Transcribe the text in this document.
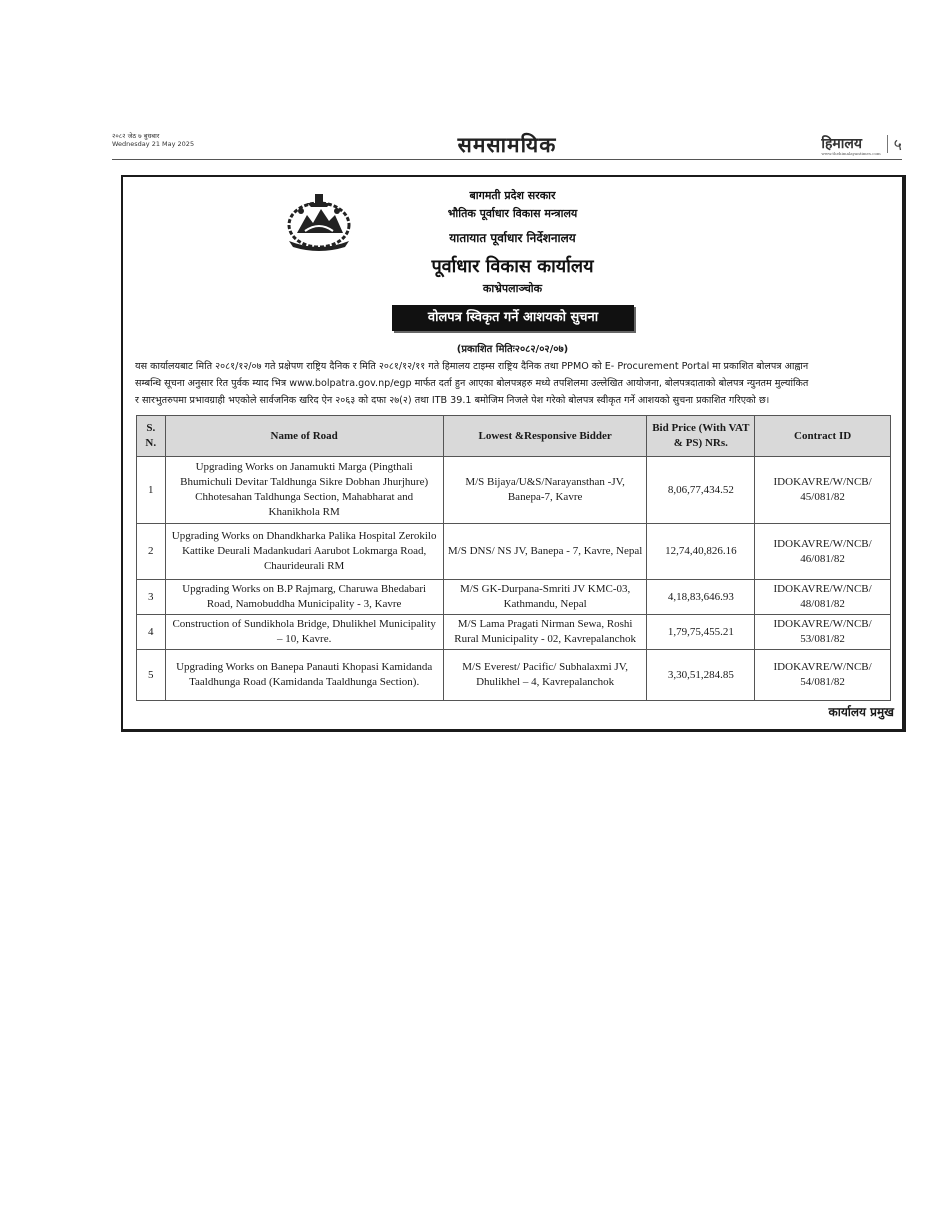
२०८२ जेठ ७ बुधबार
Wednesday 21 May 2025	समसामयिक	हिमालय
www.thehimalayantimes.com ५
बागमती प्रदेश सरकार
भौतिक पूर्वाधार विकास मन्त्रालय
यातायात पूर्वाधार निर्देशनालय
पूर्वाधार विकास कार्यालय
काभ्रेपलाञ्चोक
वोलपत्र स्विकृत गर्ने आशयको सुचना
(प्रकाशित मितिः२०८२/०२/०७)
यस कार्यालयबाट मिति २०८१/१२/०७ गते प्रक्षेपण राष्ट्रिय दैनिक र मिति २०८१/१२/११ गते हिमालय टाइम्स राष्ट्रिय दैनिक तथा PPMO को E- Procurement Portal मा प्रकाशित बोलपत्र आह्वान
सम्बन्धि सूचना अनुसार रित पुर्वक म्याद भित्र www.bolpatra.gov.np/egp मार्फत दर्ता हुन आएका बोलपत्रहरु मध्ये तपशिलमा उल्लेखित आयोजना, बोलपत्रदाताको बोलपत्र न्युनतम मुल्यांकित
र सारभुतरुपमा प्रभावग्राही भएकोले सार्वजनिक खरिद ऐन २०६३ को दफा २७(२) तथा ITB 39.1 बमोजिम निजले पेश गरेको बोलपत्र स्वीकृत गर्ने आशयको सुचना प्रकाशित गरिएको छ।
S. N.	Name of Road	Lowest &Responsive Bidder	Bid Price (With VAT & PS) NRs.	Contract ID
1	Upgrading Works on Janamukti Marga (Pingthali Bhumichuli Devitar Taldhunga Sikre Dobhan Jhurjhure) Chhotesahan Taldhunga Section, Mahabharat and Khanikhola RM	M/S Bijaya/U&S/Narayansthan -JV, Banepa-7, Kavre	8,06,77,434.52	IDOKAVRE/W/NCB/ 45/081/82
2	Upgrading Works on Dhandkharka Palika Hospital Zerokilo Kattike Deurali Madankudari Aarubot Lokmarga Road, Chaurideurali RM	M/S DNS/ NS JV, Banepa - 7, Kavre, Nepal	12,74,40,826.16	IDOKAVRE/W/NCB/ 46/081/82
3	Upgrading Works on B.P Rajmarg, Charuwa Bhedabari Road, Namobuddha Municipality - 3, Kavre	M/S GK-Durpana-Smriti JV KMC-03, Kathmandu, Nepal	4,18,83,646.93	IDOKAVRE/W/NCB/ 48/081/82
4	Construction of Sundikhola Bridge, Dhulikhel Municipality – 10, Kavre.	M/S Lama Pragati Nirman Sewa, Roshi Rural Municipality - 02, Kavrepalanchok	1,79,75,455.21	IDOKAVRE/W/NCB/ 53/081/82
5	Upgrading Works on Banepa Panauti Khopasi Kamidanda Taaldhunga Road (Kamidanda Taaldhunga Section).	M/S Everest/ Pacific/ Subhalaxmi JV, Dhulikhel – 4, Kavrepalanchok	3,30,51,284.85	IDOKAVRE/W/NCB/ 54/081/82
कार्यालय प्रमुख
